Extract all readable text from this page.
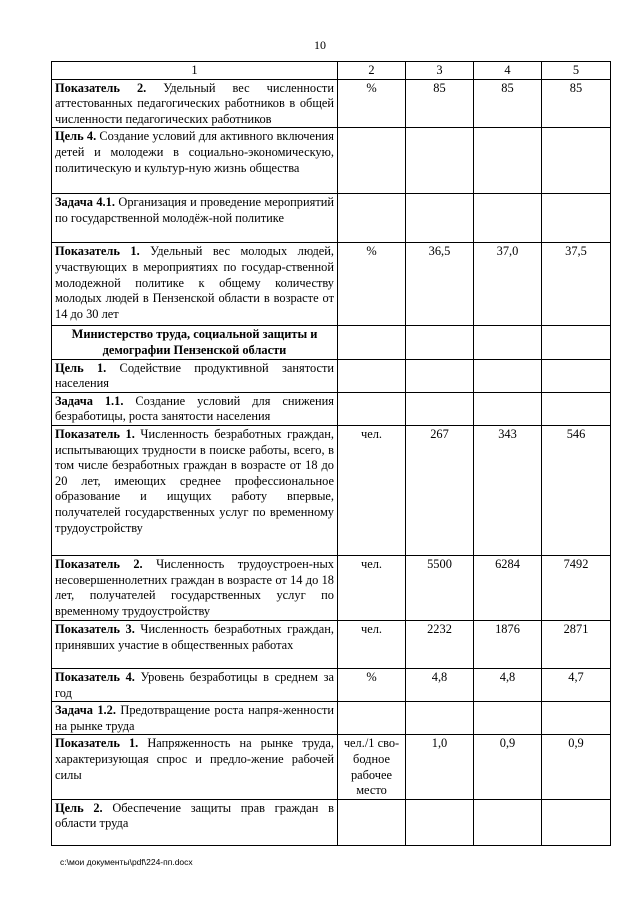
10
1	2	3	4	5
Показатель 2. Удельный вес численности аттестованных педагогических работников в общей численности педагогических работников	%	85	85	85
Цель 4. Создание условий для активного включения детей и молодежи в социально-экономическую, политическую и культур-ную жизнь общества				
Задача 4.1. Организация и проведение мероприятий по государственной молодёж-ной политике				
Показатель 1. Удельный вес молодых людей, участвующих в мероприятиях по государ-ственной молодежной политике к общему количеству молодых людей в Пензенской области в возрасте от 14 до 30 лет	%	36,5	37,0	37,5
Министерство труда, социальной защиты и демографии Пензенской области				
Цель 1. Содействие продуктивной занятости населения				
Задача 1.1. Создание условий для снижения безработицы, роста занятости населения				
Показатель 1. Численность безработных граждан, испытывающих трудности в поиске работы, всего, в том числе безработных граждан в возрасте от 18 до 20 лет, имеющих среднее профессиональное образование и ищущих работу впервые, получателей государственных услуг по временному трудоустройству	чел.	267	343	546
Показатель 2. Численность трудоустроен-ных несовершеннолетних граждан в возрасте от 14 до 18 лет, получателей государственных услуг по временному трудоустройству	чел.	5500	6284	7492
Показатель 3. Численность безработных граждан, принявших участие в общественных работах	чел.	2232	1876	2871
Показатель 4. Уровень безработицы в среднем за год	%	4,8	4,8	4,7
Задача 1.2. Предотвращение роста напря-женности на рынке труда				
Показатель 1. Напряженность на рынке труда, характеризующая спрос и предло-жение рабочей силы	чел./1 сво-бодное рабочее место	1,0	0,9	0,9
Цель 2. Обеспечение защиты прав граждан в области труда				
c:\мои документы\pdf\224-пп.docx
